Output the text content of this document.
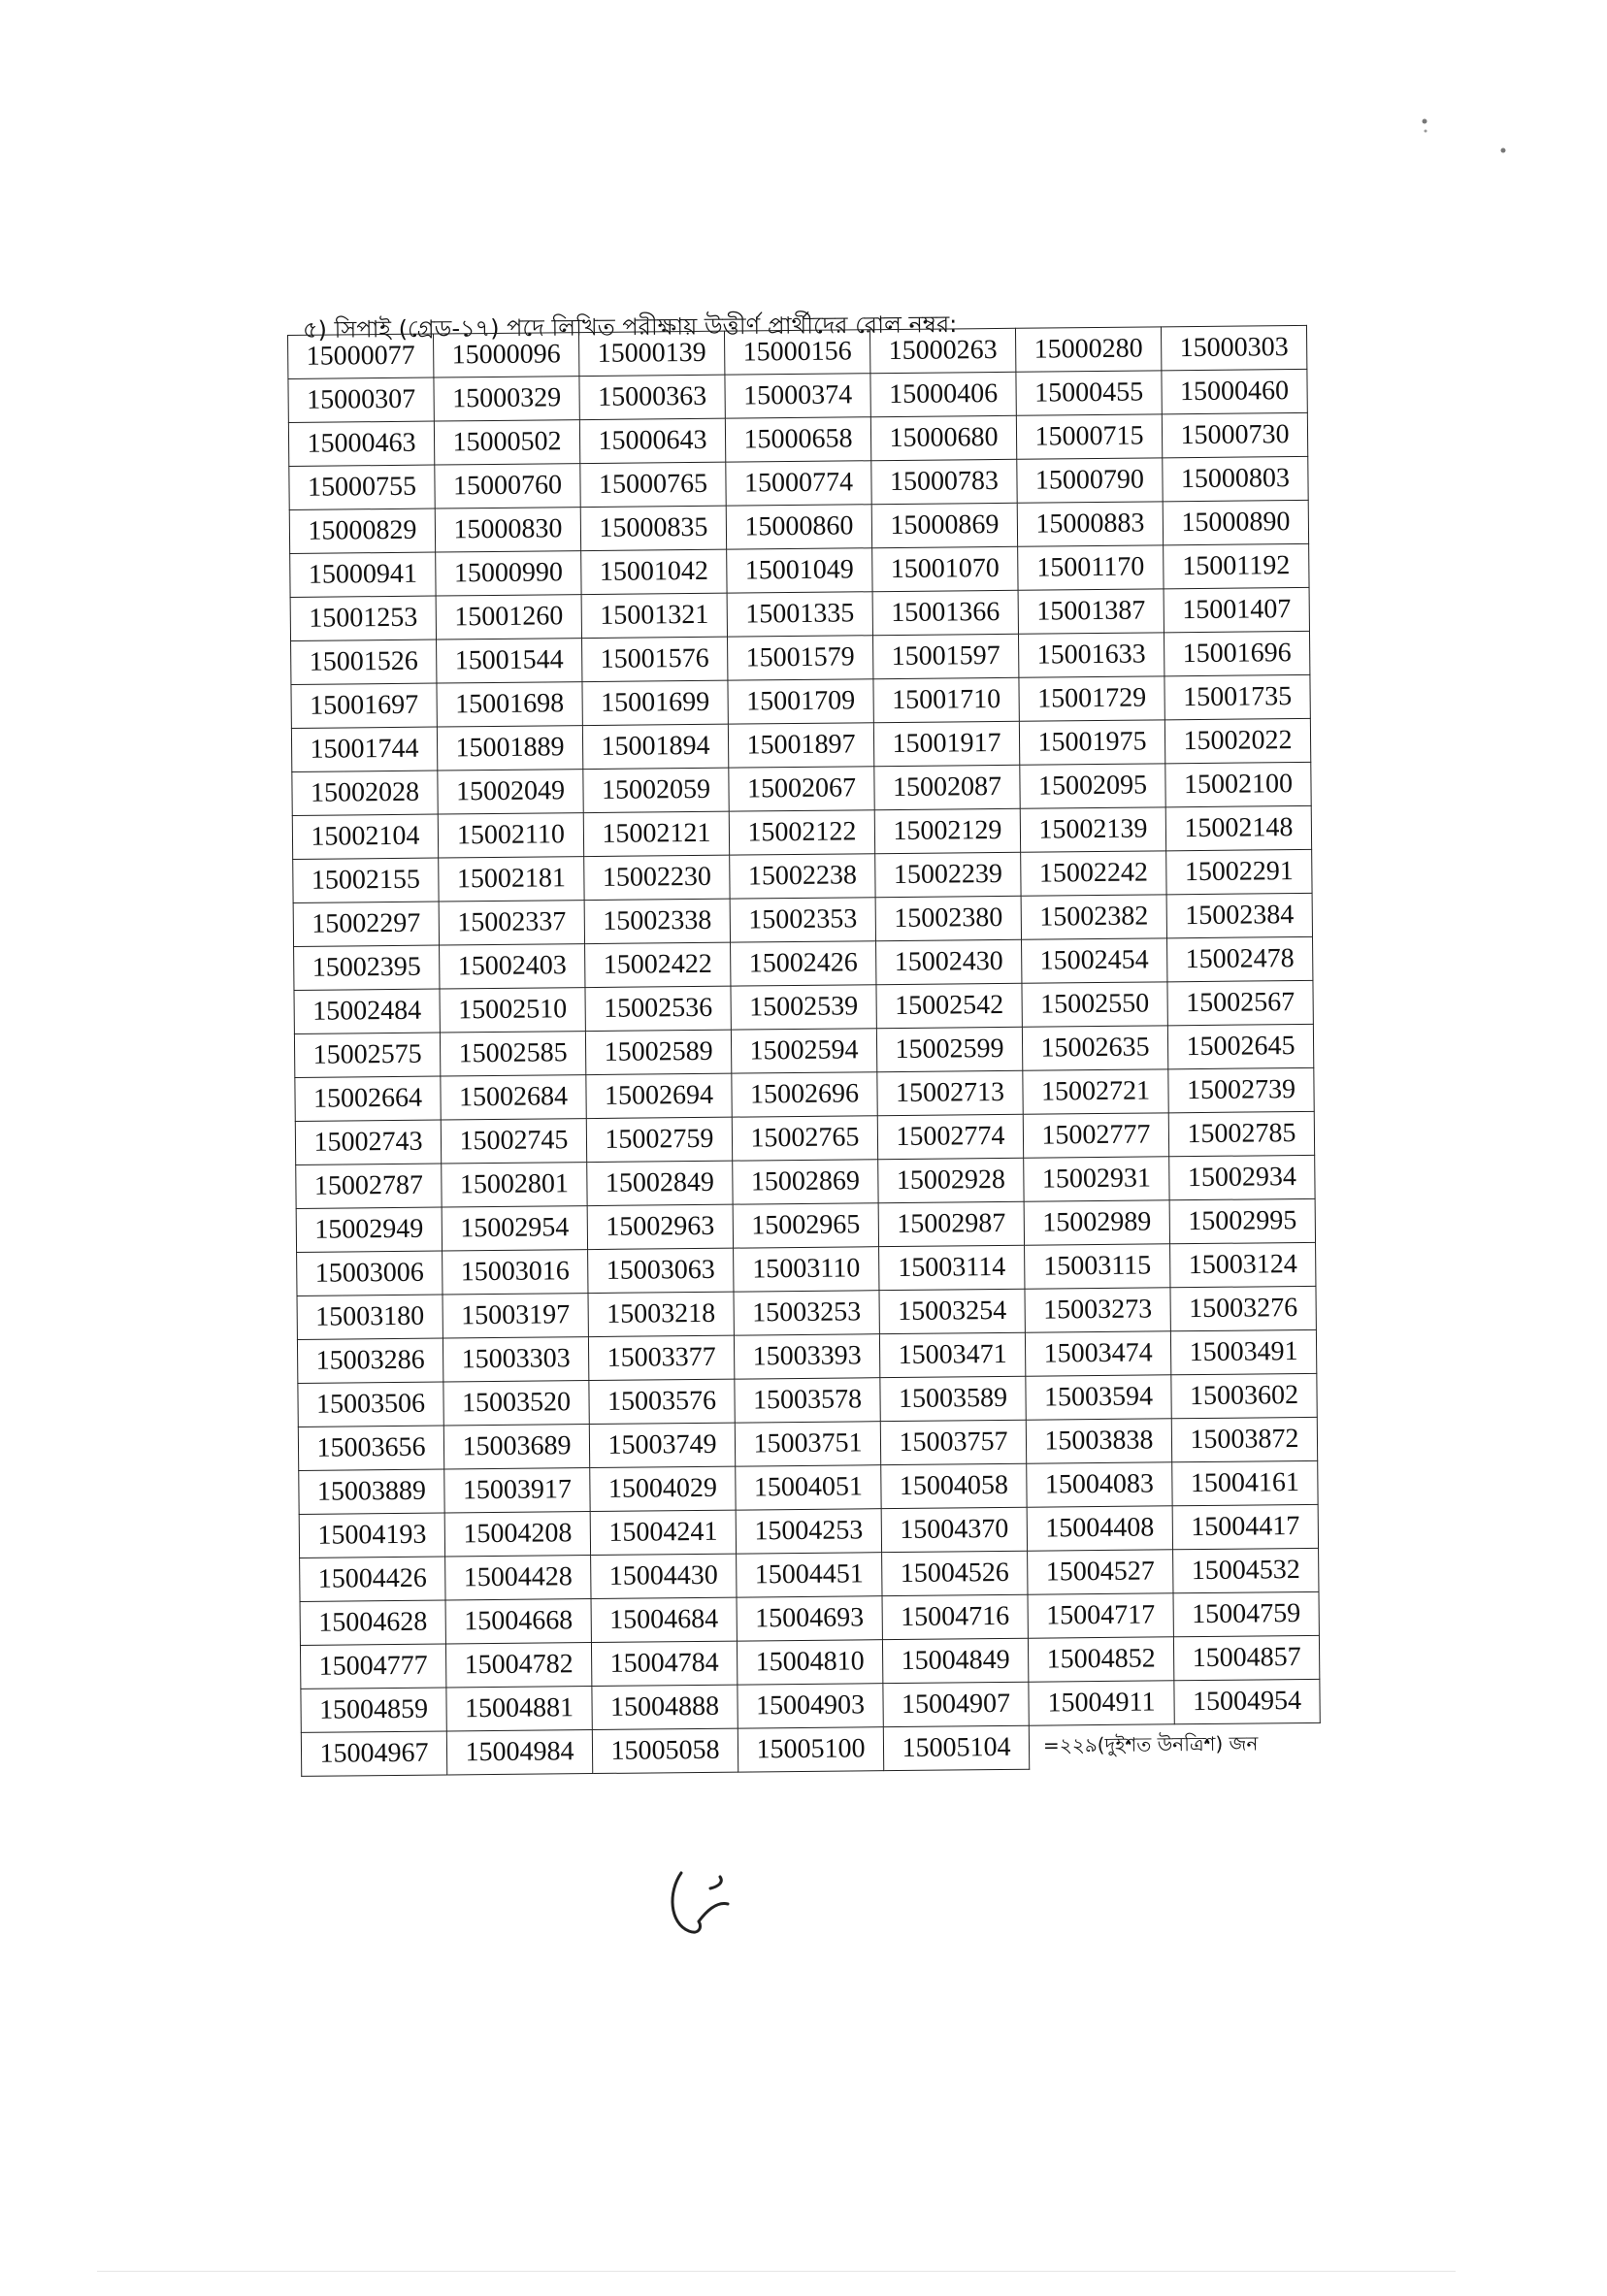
৫) সিপাই (গ্রেড-১৭) পদে লিখিত পরীক্ষায় উত্তীর্ণ প্রার্থীদের রোল নম্বর:
15000077	15000096	15000139	15000156	15000263	15000280	15000303
15000307	15000329	15000363	15000374	15000406	15000455	15000460
15000463	15000502	15000643	15000658	15000680	15000715	15000730
15000755	15000760	15000765	15000774	15000783	15000790	15000803
15000829	15000830	15000835	15000860	15000869	15000883	15000890
15000941	15000990	15001042	15001049	15001070	15001170	15001192
15001253	15001260	15001321	15001335	15001366	15001387	15001407
15001526	15001544	15001576	15001579	15001597	15001633	15001696
15001697	15001698	15001699	15001709	15001710	15001729	15001735
15001744	15001889	15001894	15001897	15001917	15001975	15002022
15002028	15002049	15002059	15002067	15002087	15002095	15002100
15002104	15002110	15002121	15002122	15002129	15002139	15002148
15002155	15002181	15002230	15002238	15002239	15002242	15002291
15002297	15002337	15002338	15002353	15002380	15002382	15002384
15002395	15002403	15002422	15002426	15002430	15002454	15002478
15002484	15002510	15002536	15002539	15002542	15002550	15002567
15002575	15002585	15002589	15002594	15002599	15002635	15002645
15002664	15002684	15002694	15002696	15002713	15002721	15002739
15002743	15002745	15002759	15002765	15002774	15002777	15002785
15002787	15002801	15002849	15002869	15002928	15002931	15002934
15002949	15002954	15002963	15002965	15002987	15002989	15002995
15003006	15003016	15003063	15003110	15003114	15003115	15003124
15003180	15003197	15003218	15003253	15003254	15003273	15003276
15003286	15003303	15003377	15003393	15003471	15003474	15003491
15003506	15003520	15003576	15003578	15003589	15003594	15003602
15003656	15003689	15003749	15003751	15003757	15003838	15003872
15003889	15003917	15004029	15004051	15004058	15004083	15004161
15004193	15004208	15004241	15004253	15004370	15004408	15004417
15004426	15004428	15004430	15004451	15004526	15004527	15004532
15004628	15004668	15004684	15004693	15004716	15004717	15004759
15004777	15004782	15004784	15004810	15004849	15004852	15004857
15004859	15004881	15004888	15004903	15004907	15004911	15004954
15004967	15004984	15005058	15005100	15005104	=২২৯(দুইশত উনত্রিশ) জন	
